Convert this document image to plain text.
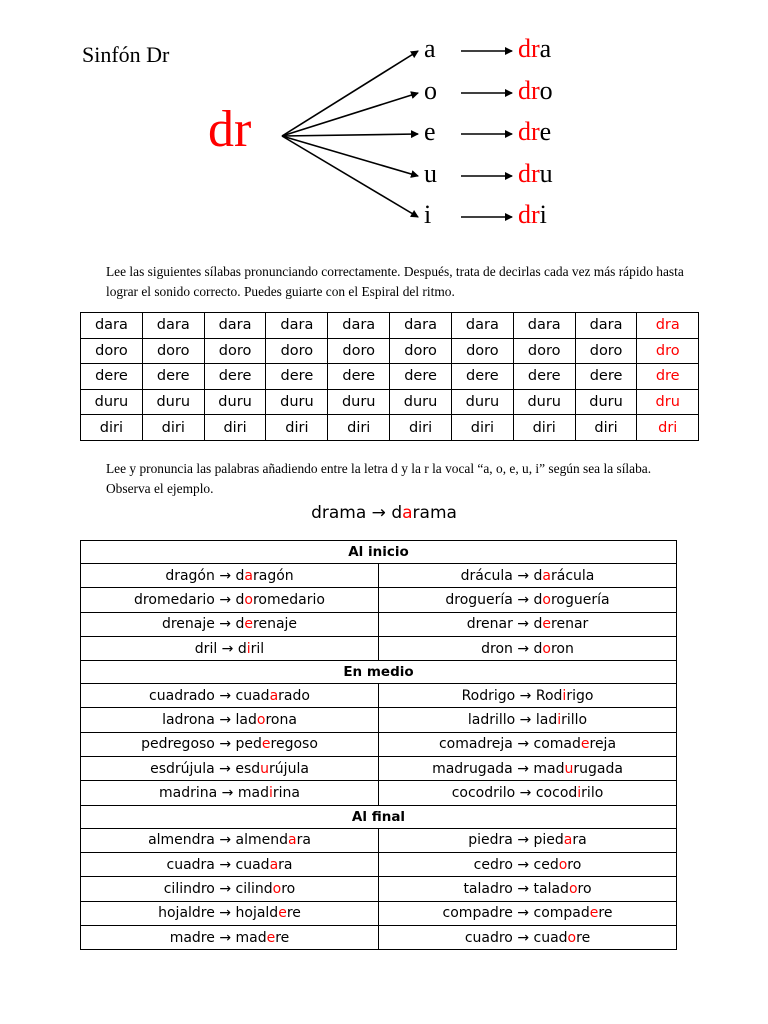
Sinfón Dr
dr
a	dra
o	dro
e	dre
u	dru
i	dri
Lee las siguientes sílabas pronunciando correctamente. Después, trata de decirlas cada vez más rápido hasta lograr el sonido correcto. Puedes guiarte con el Espiral del ritmo.
dara	dara	dara	dara	dara	dara	dara	dara	dara	dra
doro	doro	doro	doro	doro	doro	doro	doro	doro	dro
dere	dere	dere	dere	dere	dere	dere	dere	dere	dre
duru	duru	duru	duru	duru	duru	duru	duru	duru	dru
diri	diri	diri	diri	diri	diri	diri	diri	diri	dri
Lee y pronuncia las palabras añadiendo entre la letra d y la r la vocal “a, o, e, u, i” según sea la sílaba. Observa el ejemplo.
drama → darama
Al inicio	
dragón → daragón	drácula → darácula
dromedario → doromedario	droguería → doroguería
drenaje → derenaje	drenar → derenar
dril → diril	dron → doron
En medio	
cuadrado → cuadarado	Rodrigo → Rodirigo
ladrona → ladorona	ladrillo → ladirillo
pedregoso → pederegoso	comadreja → comadereja
esdrújula → esdurújula	madrugada → madurugada
madrina → madirina	cocodrilo → cocodirilo
Al final	
almendra → almendara	piedra → piedara
cuadra → cuadara	cedro → cedoro
cilindro → cilindoro	taladro → taladoro
hojaldre → hojaldere	compadre → compadere
madre → madere	cuadro → cuadore
